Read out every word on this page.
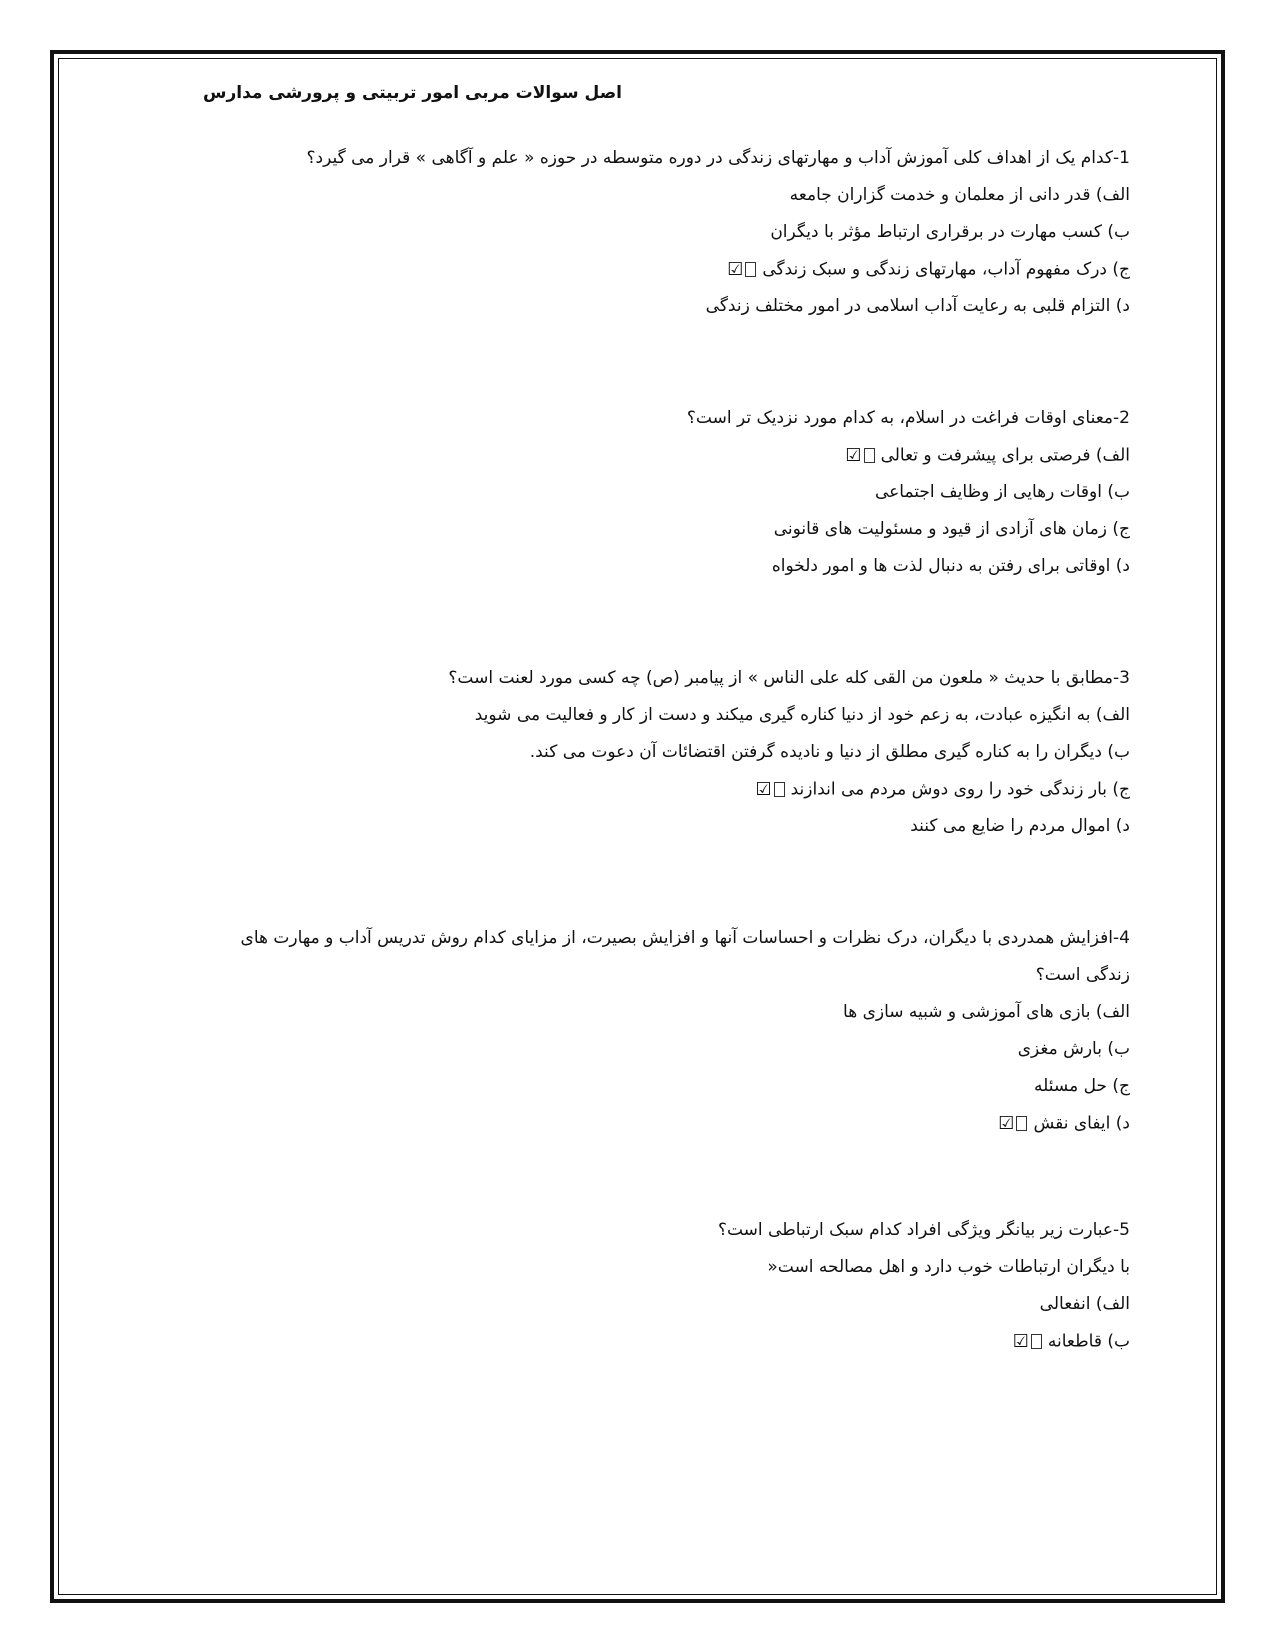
اصل سوالات مربی امور تربیتی و پرورشی مدارس
1-کدام یک از اهداف کلی آموزش آداب و مهارتهای زندگی در دوره متوسطه در حوزه « علم و آگاهی » قرار می گیرد؟
الف) قدر دانی از معلمان و خدمت گزاران جامعه
ب) کسب مهارت در برقراری ارتباط مؤثر با دیگران
ج) درک مفهوم آداب، مهارتهای زندگی و سبک زندگی☑
د) التزام قلبی به رعایت آداب اسلامی در امور مختلف زندگی
2-معنای اوقات فراغت در اسلام، به کدام مورد نزدیک تر است؟
الف) فرصتی برای پیشرفت و تعالی☑
ب) اوقات رهایی از وظایف اجتماعی
ج) زمان های آزادی از قیود و مسئولیت های قانونی
د) اوقاتی برای رفتن به دنبال لذت ها و امور دلخواه
3-مطابق با حدیث « ملعون من القی کله علی الناس » از پیامبر (ص) چه کسی مورد لعنت است؟
الف) به انگیزه عبادت، به زعم خود از دنیا کناره گیری میکند و دست از کار و فعالیت می شوید
ب) دیگران را به کناره گیری مطلق از دنیا و نادیده گرفتن اقتضائات آن دعوت می کند.
ج) بار زندگی خود را روی دوش مردم می اندازند☑
د) اموال مردم را ضایع می کنند
4-افزایش همدردی با دیگران، درک نظرات و احساسات آنها و افزایش بصیرت، از مزایای کدام روش تدریس آداب و مهارت های
زندگی است؟
الف) بازی های آموزشی و شبیه سازی ها
ب) بارش مغزی
ج) حل مسئله
د) ایفای نقش☑
5-عبارت زیر بیانگر ویژگی افراد کدام سبک ارتباطی است؟
با دیگران ارتباطات خوب دارد و اهل مصالحه است«
الف) انفعالی
ب) قاطعانه☑
